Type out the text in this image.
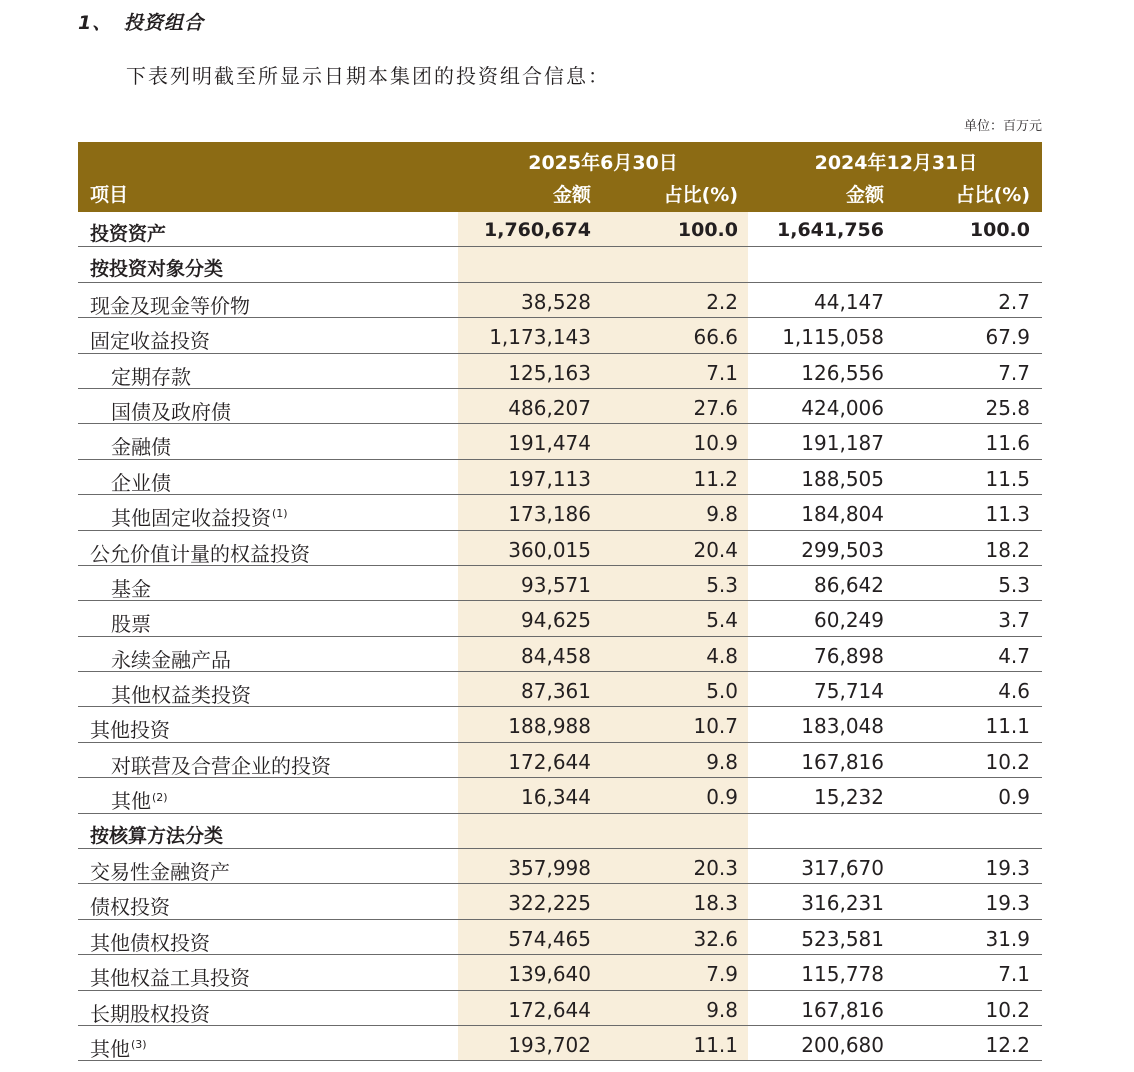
1、 投资组合
下表列明截至所显示日期本集团的投资组合信息：
单位：百万元
2025年6月30日	2024年12月31日
项目	金额	占比(%)	金额	占比(%)
投资资产	1,760,674	100.0 1,641,756	100.0
按投资对象分类
现金及现金等价物	38,528	2.2	44,147	2.7
固定收益投资	1,173,143	66.6 1,115,058	67.9
定期存款	125,163	7.1	126,556	7.7
国债及政府债	486,207	27.6	424,006	25.8
金融债	191,474	10.9	191,187	11.6
企业债	197,113	11.2	188,505	11.5
其他固定收益投资$^{(1)}$	173,186	9.8	184,804	11.3
公允价值计量的权益投资	360,015	20.4	299,503	18.2
基金	93,571	5.3	86,642	5.3
股票	94,625	5.4	60,249	3.7
永续金融产品	84,458	4.8	76,898	4.7
其他权益类投资	87,361	5.0	75,714	4.6
其他投资	188,988	10.7	183,048	11.1
对联营及合营企业的投资	172,644	9.8	167,816	10.2
其他$^{(2)}$	16,344	0.9	15,232	0.9
按核算方法分类
交易性金融资产	357,998	20.3	317,670	19.3
债权投资	322,225	18.3	316,231	19.3
其他债权投资	574,465	32.6	523,581	31.9
其他权益工具投资	139,640	7.9	115,778	7.1
长期股权投资	172,644	9.8	167,816	10.2
其他$^{(3)}$	193,702	11.1	200,680	12.2
